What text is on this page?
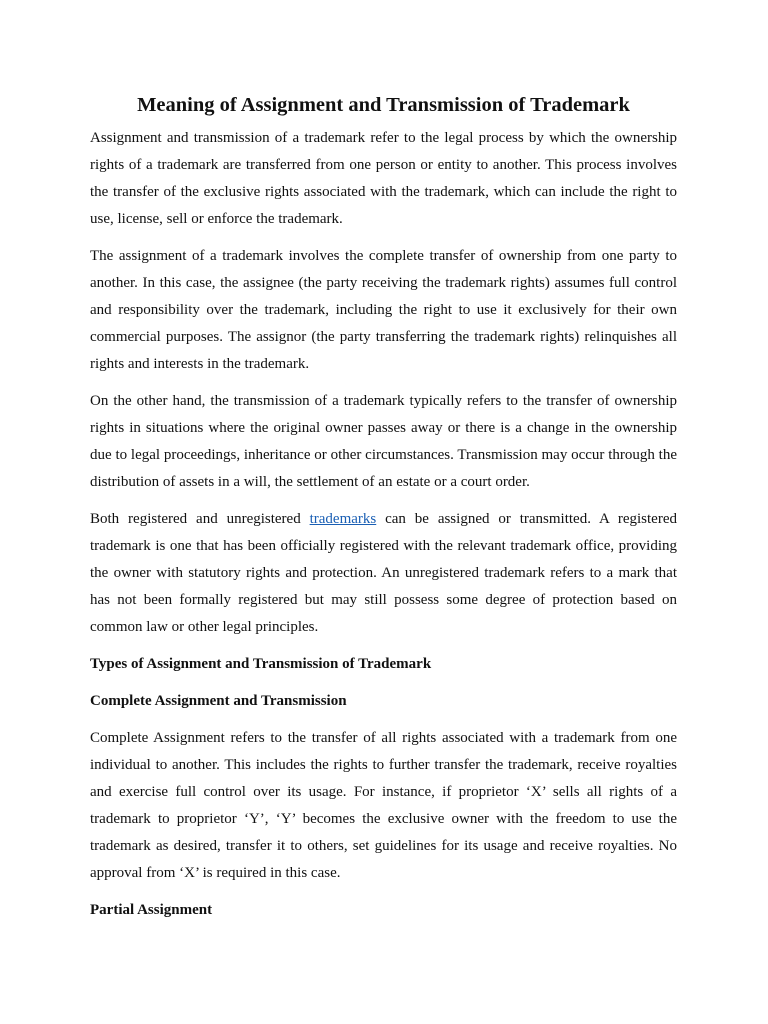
Meaning of Assignment and Transmission of Trademark

Assignment and transmission of a trademark refer to the legal process by which the ownership rights of a trademark are transferred from one person or entity to another. This process involves the transfer of the exclusive rights associated with the trademark, which can include the right to use, license, sell or enforce the trademark.

The assignment of a trademark involves the complete transfer of ownership from one party to another. In this case, the assignee (the party receiving the trademark rights) assumes full control and responsibility over the trademark, including the right to use it exclusively for their own commercial purposes. The assignor (the party transferring the trademark rights) relinquishes all rights and interests in the trademark.

On the other hand, the transmission of a trademark typically refers to the transfer of ownership rights in situations where the original owner passes away or there is a change in the ownership due to legal proceedings, inheritance or other circumstances. Transmission may occur through the distribution of assets in a will, the settlement of an estate or a court order.

Both registered and unregistered trademarks can be assigned or transmitted. A registered trademark is one that has been officially registered with the relevant trademark office, providing the owner with statutory rights and protection. An unregistered trademark refers to a mark that has not been formally registered but may still possess some degree of protection based on common law or other legal principles.

Types of Assignment and Transmission of Trademark

Complete Assignment and Transmission

Complete Assignment refers to the transfer of all rights associated with a trademark from one individual to another. This includes the rights to further transfer the trademark, receive royalties and exercise full control over its usage. For instance, if proprietor ‘X’ sells all rights of a trademark to proprietor ‘Y’, ‘Y’ becomes the exclusive owner with the freedom to use the trademark as desired, transfer it to others, set guidelines for its usage and receive royalties. No approval from ‘X’ is required in this case.

Partial Assignment
